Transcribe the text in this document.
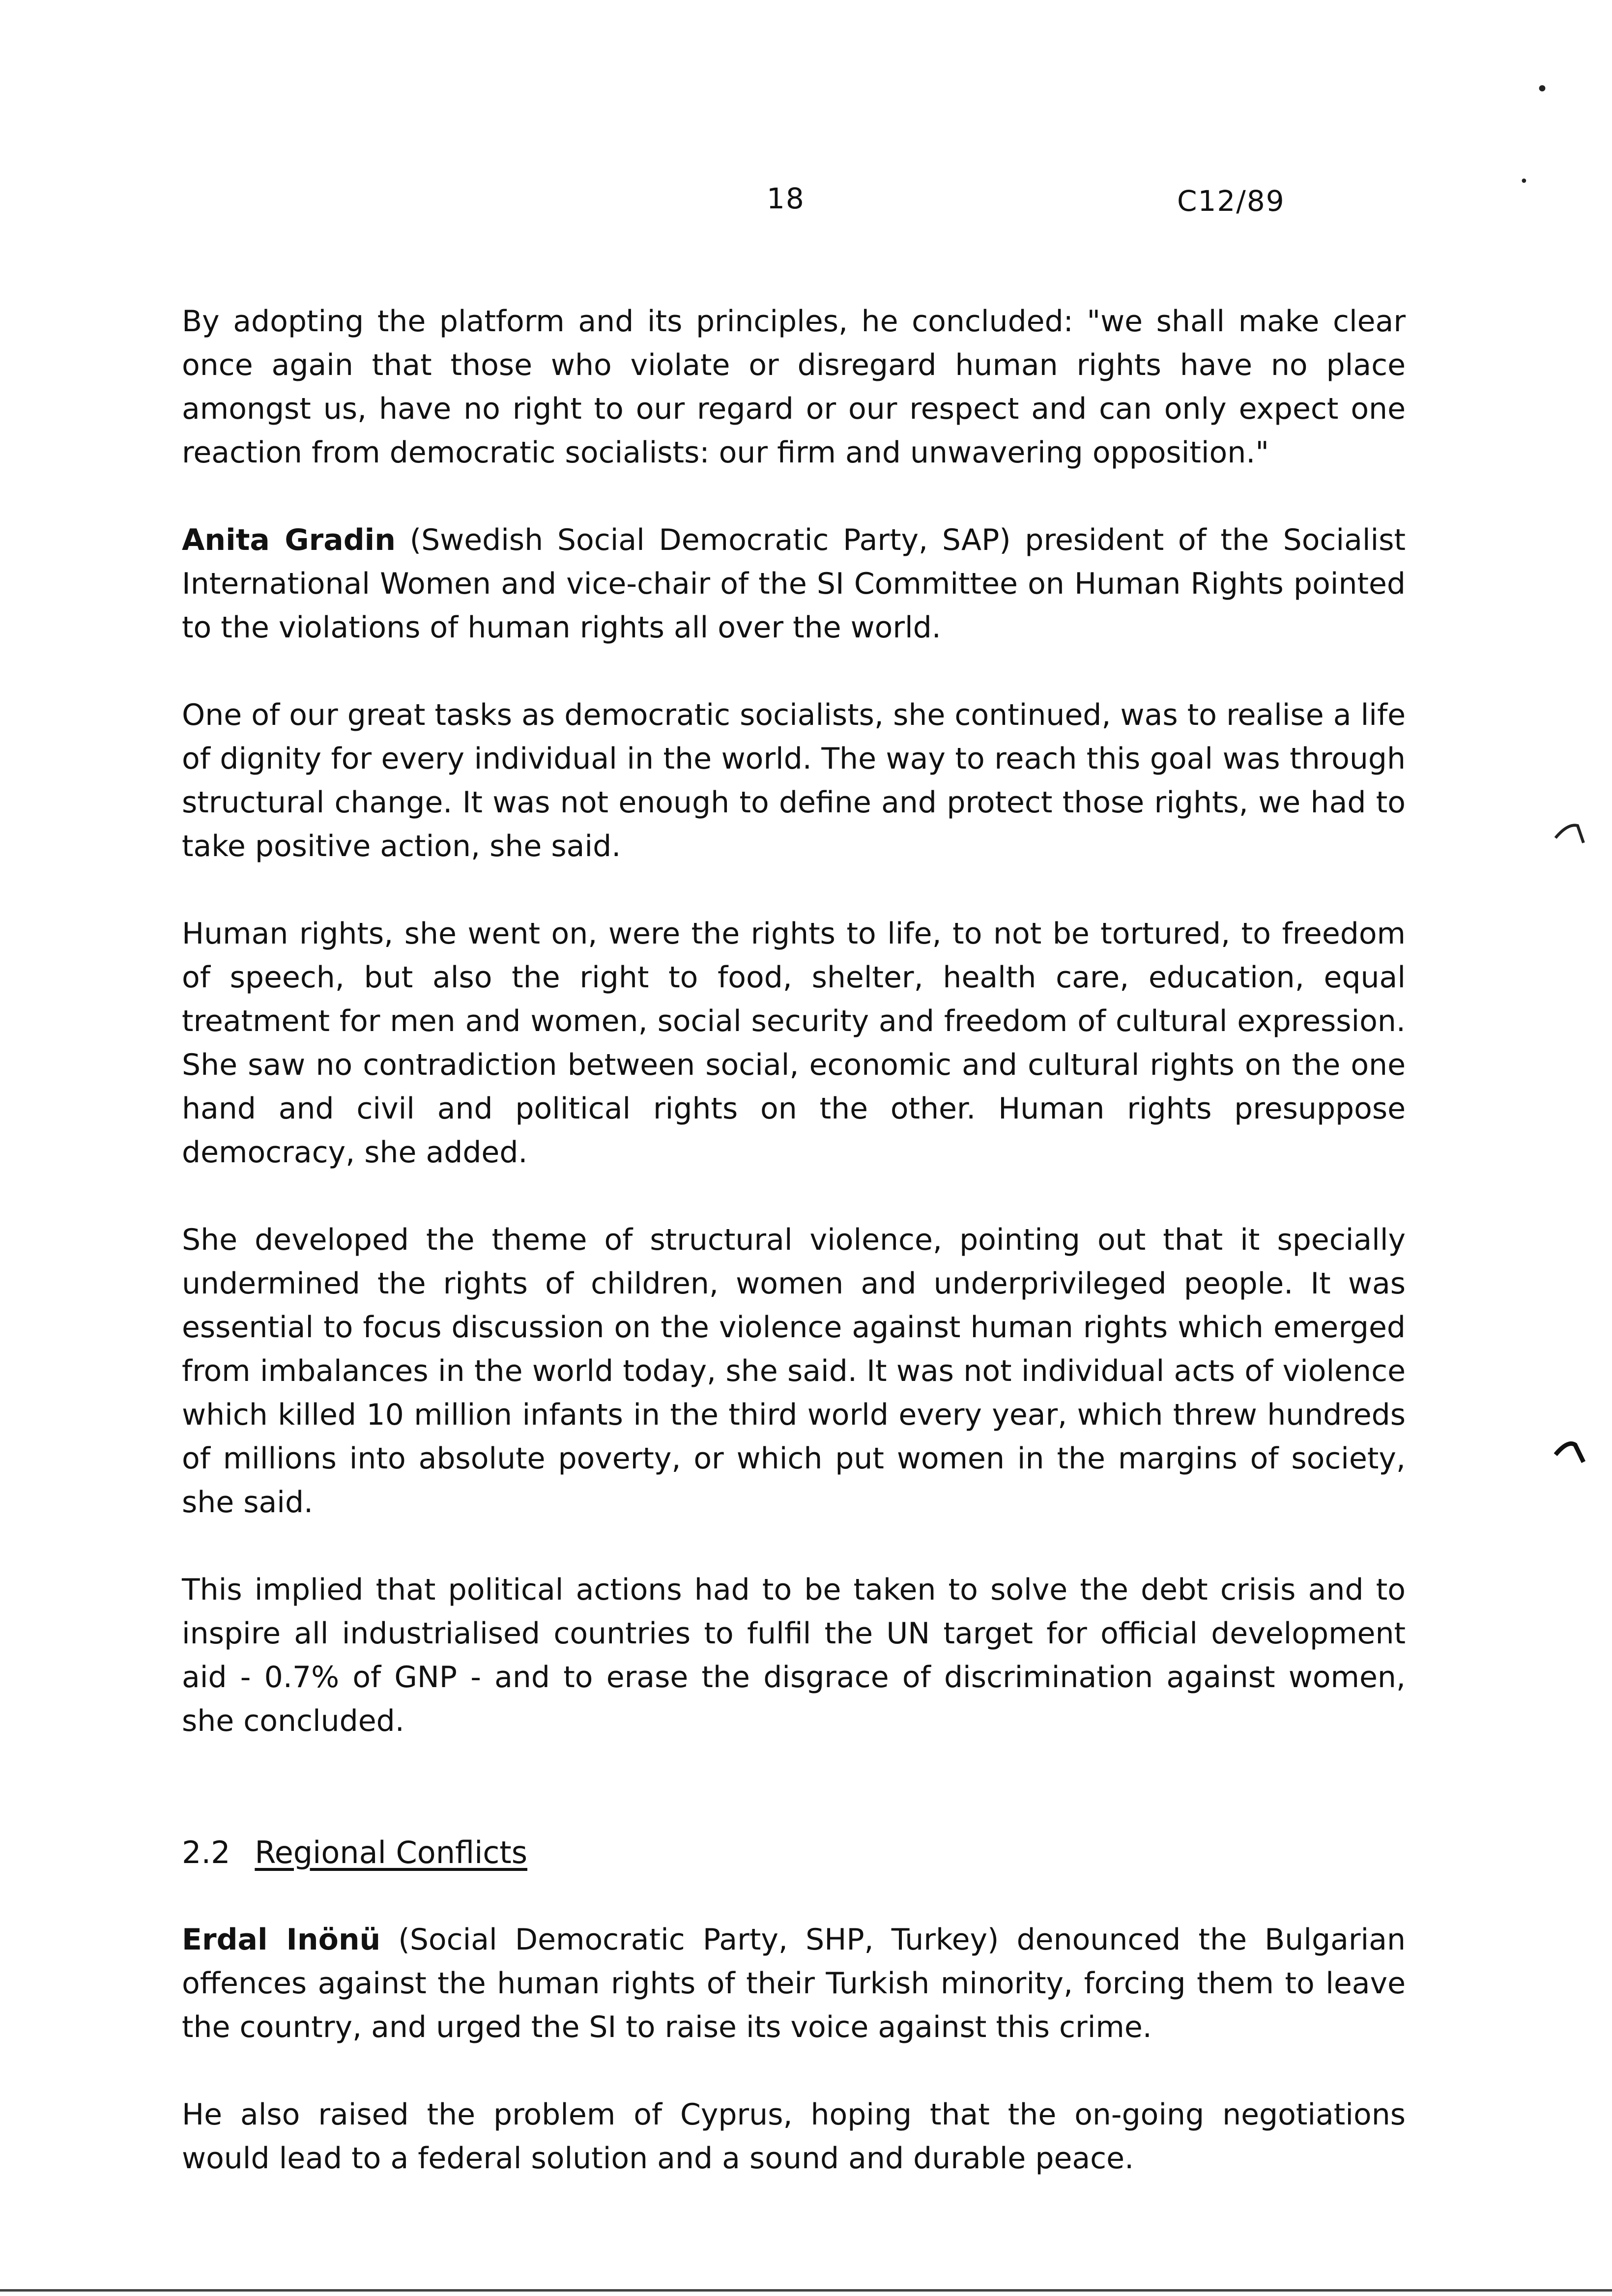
18	C12/89

By adopting the platform and its principles, he concluded: "we shall make clear once again that those who violate or disregard human rights have no place amongst us, have no right to our regard or our respect and can only expect one reaction from democratic socialists: our firm and unwavering opposition."

Anita Gradin (Swedish Social Democratic Party, SAP) president of the Socialist International Women and vice-chair of the SI Committee on Human Rights pointed to the violations of human rights all over the world.

One of our great tasks as democratic socialists, she continued, was to realise a life of dignity for every individual in the world. The way to reach this goal was through structural change. It was not enough to define and protect those rights, we had to take positive action, she said.

Human rights, she went on, were the rights to life, to not be tortured, to freedom of speech, but also the right to food, shelter, health care, education, equal treatment for men and women, social security and freedom of cultural expression. She saw no contradiction between social, economic and cultural rights on the one hand and civil and political rights on the other. Human rights presuppose democracy, she added.

She developed the theme of structural violence, pointing out that it specially undermined the rights of children, women and underprivileged people. It was essential to focus discussion on the violence against human rights which emerged from imbalances in the world today, she said. It was not individual acts of violence which killed 10 million infants in the third world every year, which threw hundreds of millions into absolute poverty, or which put women in the margins of society, she said.

This implied that political actions had to be taken to solve the debt crisis and to inspire all industrialised countries to fulfil the UN target for official development aid - 0.7% of GNP - and to erase the disgrace of discrimination against women, she concluded.

2.2 Regional Conflicts

Erdal Inönü (Social Democratic Party, SHP, Turkey) denounced the Bulgarian offences against the human rights of their Turkish minority, forcing them to leave the country, and urged the SI to raise its voice against this crime.

He also raised the problem of Cyprus, hoping that the on-going negotiations would lead to a federal solution and a sound and durable peace.

•
•
